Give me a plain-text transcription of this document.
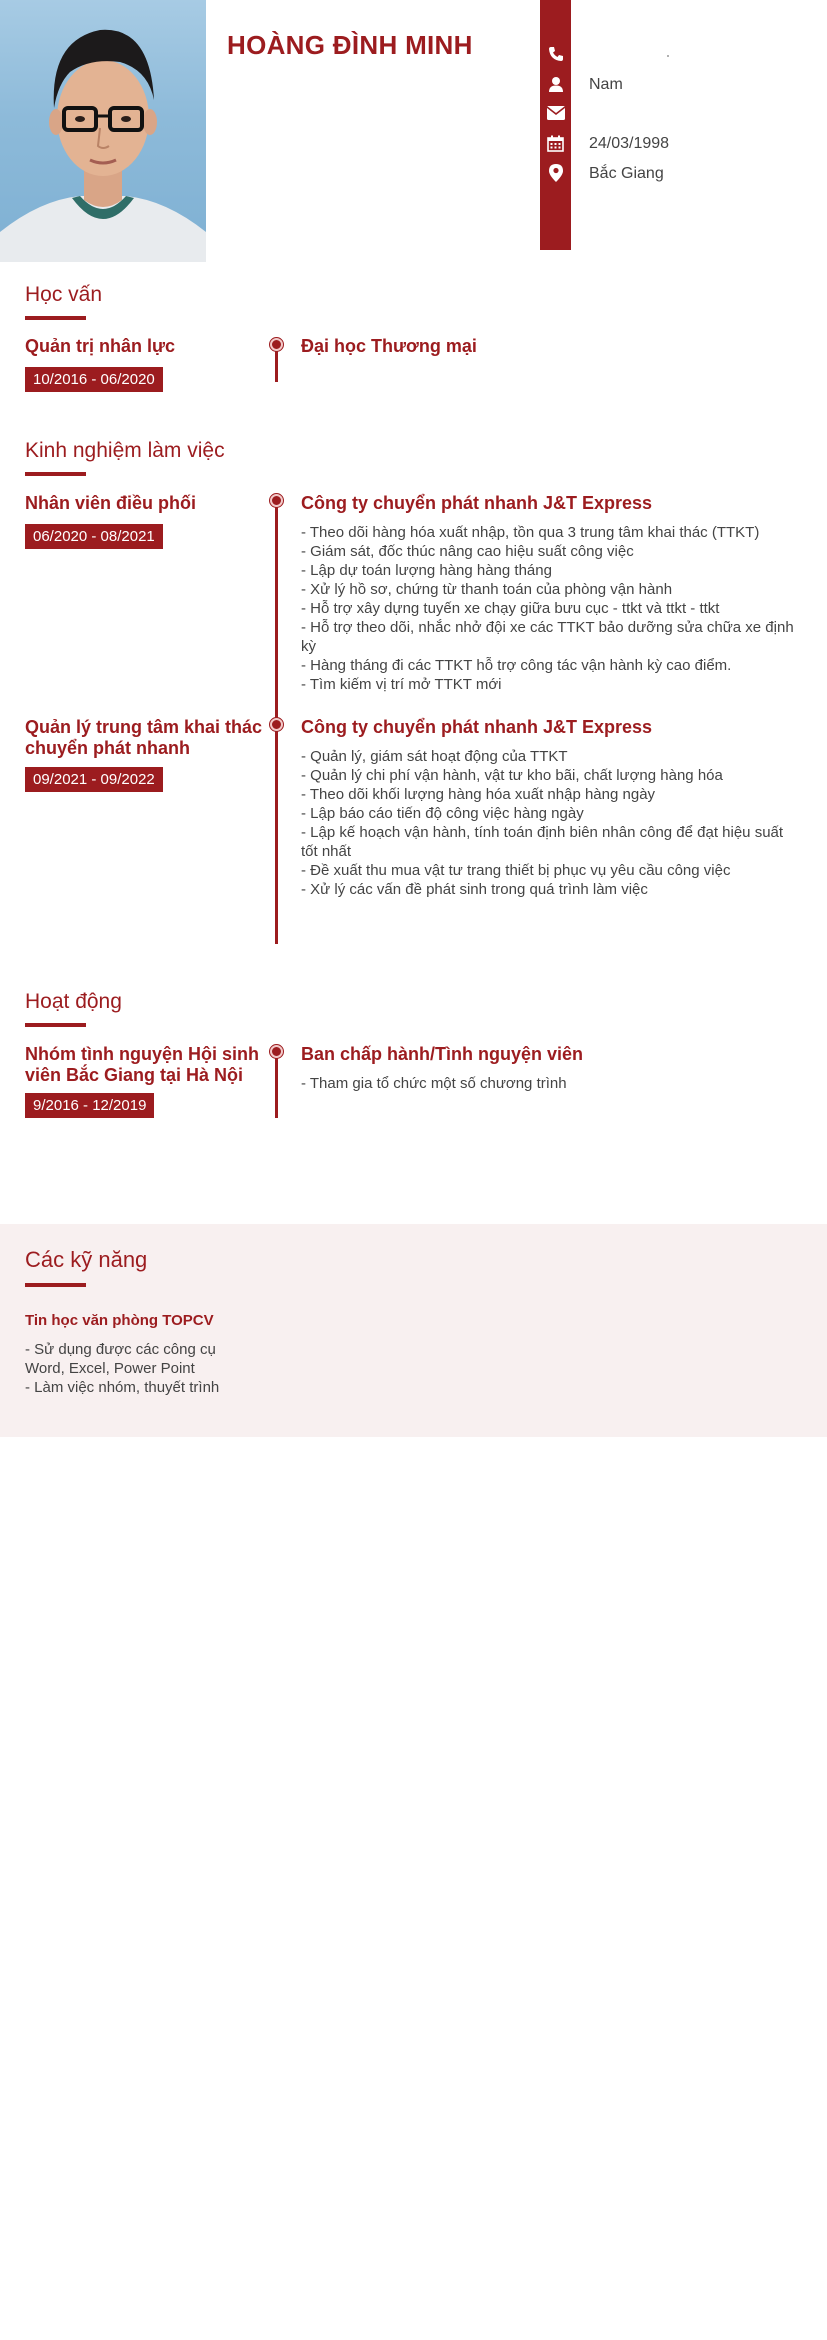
HOÀNG ĐÌNH MINH
Nam
24/03/1998
Bắc Giang
Học vấn
Quản trị nhân lực
10/2016 - 06/2020
Đại học Thương mại
Kinh nghiệm làm việc
Nhân viên điều phối
06/2020 - 08/2021
Công ty chuyển phát nhanh J&T Express
- Theo dõi hàng hóa xuất nhập, tồn qua 3 trung tâm khai thác (TTKT)
- Giám sát, đốc thúc nâng cao hiệu suất công việc
- Lập dự toán lượng hàng hàng tháng
- Xử lý hồ sơ, chứng từ thanh toán của phòng vận hành
- Hỗ trợ xây dựng tuyến xe chạy giữa bưu cục - ttkt và ttkt - ttkt
- Hỗ trợ theo dõi, nhắc nhở đội xe các TTKT bảo dưỡng sửa chữa xe định kỳ
- Hàng tháng đi các TTKT hỗ trợ công tác vận hành kỳ cao điểm.
- Tìm kiếm vị trí mở TTKT mới
Quản lý trung tâm khai thác chuyển phát nhanh
09/2021 - 09/2022
Công ty chuyển phát nhanh J&T Express
- Quản lý, giám sát hoạt động của TTKT
- Quản lý chi phí vận hành, vật tư kho bãi, chất lượng hàng hóa
- Theo dõi khối lượng hàng hóa xuất nhập hàng ngày
- Lập báo cáo tiến độ công việc hàng ngày
- Lập kế hoạch vận hành, tính toán định biên nhân công để đạt hiệu suất tốt nhất
- Đề xuất thu mua vật tư trang thiết bị phục vụ yêu cầu công việc
- Xử lý các vấn đề phát sinh trong quá trình làm việc
Hoạt động
Nhóm tình nguyện Hội sinh viên Bắc Giang tại Hà Nội
9/2016 - 12/2019
Ban chấp hành/Tình nguyện viên
- Tham gia tổ chức một số chương trình
Các kỹ năng
Tin học văn phòng TOPCV
- Sử dụng được các công cụ Word, Excel, Power Point
- Làm việc nhóm, thuyết trình
